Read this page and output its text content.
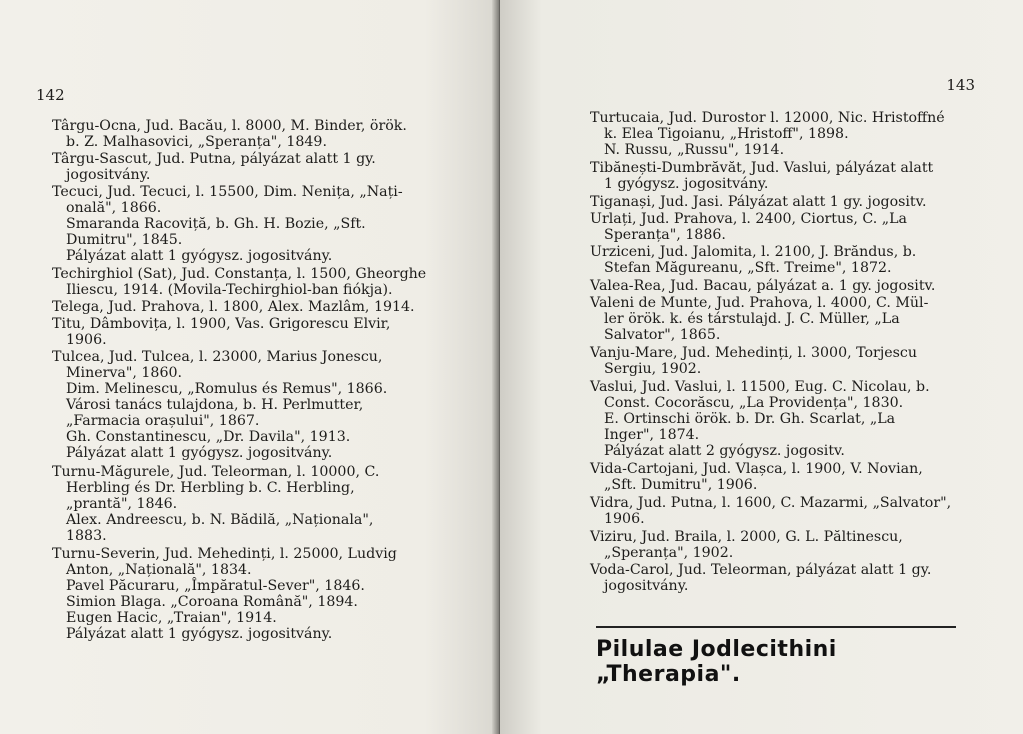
142
Târgu-Ocna, Jud. Bacău, l. 8000, M. Binder, örök.
b. Z. Malhasovici, „Speranța", 1849.
Târgu-Sascut, Jud. Putna, pályázat alatt 1 gy.
jogositvány.
Tecuci, Jud. Tecuci, l. 15500, Dim. Nenița, „Nați-
onală", 1866.
Smaranda Racoviță, b. Gh. H. Bozie, „Sft.
Dumitru", 1845.
Pályázat alatt 1 gyógysz. jogositvány.
Techirghiol (Sat), Jud. Constanța, l. 1500, Gheorghe
Iliescu, 1914. (Movila-Techirghiol-ban fiókja).
Telega, Jud. Prahova, l. 1800, Alex. Mazlâm, 1914.
Titu, Dâmbovița, l. 1900, Vas. Grigorescu Elvir,
1906.
Tulcea, Jud. Tulcea, l. 23000, Marius Jonescu,
Minerva", 1860.
Dim. Melinescu, „Romulus és Remus", 1866.
Városi tanács tulajdona, b. H. Perlmutter,
„Farmacia orașului", 1867.
Gh. Constantinescu, „Dr. Davila", 1913.
Pályázat alatt 1 gyógysz. jogositvány.
Turnu-Măgurele, Jud. Teleorman, l. 10000, C.
Herbling és Dr. Herbling b. C. Herbling,
„prantă", 1846.
Alex. Andreescu, b. N. Bădilă, „Naționala",
1883.
Turnu-Severin, Jud. Mehedinți, l. 25000, Ludvig
Anton, „Națională", 1834.
Pavel Păcuraru, „Împăratul-Sever", 1846.
Simion Blaga. „Coroana Română", 1894.
Eugen Hacic, „Traian", 1914.
Pályázat alatt 1 gyógysz. jogositvány.
143
Turtucaia, Jud. Durostor l. 12000, Nic. Hristoffné
k. Elea Tigoianu, „Hristoff", 1898.
N. Russu, „Russu", 1914.
Tibănești-Dumbrăvăt, Jud. Vaslui, pályázat alatt
1 gyógysz. jogositvány.
Tiganași, Jud. Jasi. Pályázat alatt 1 gy. jogositv.
Urlați, Jud. Prahova, l. 2400, Ciortus, C. „La
Speranța", 1886.
Urziceni, Jud. Jalomita, l. 2100, J. Brăndus, b.
Stefan Măgureanu, „Sft. Treime", 1872.
Valea-Rea, Jud. Bacau, pályázat a. 1 gy. jogositv.
Valeni de Munte, Jud. Prahova, l. 4000, C. Mül-
ler örök. k. és társtulajd. J. C. Müller, „La
Salvator", 1865.
Vanju-Mare, Jud. Mehedinți, l. 3000, Torjescu
Sergiu, 1902.
Vaslui, Jud. Vaslui, l. 11500, Eug. C. Nicolau, b.
Const. Cocorăscu, „La Providența", 1830.
E. Ortinschi örök. b. Dr. Gh. Scarlat, „La
Inger", 1874.
Pályázat alatt 2 gyógysz. jogositv.
Vida-Cartojani, Jud. Vlașca, l. 1900, V. Novian,
„Sft. Dumitru", 1906.
Vidra, Jud. Putna, l. 1600, C. Mazarmi, „Salvator",
1906.
Viziru, Jud. Braila, l. 2000, G. L. Păltinescu,
„Speranța", 1902.
Voda-Carol, Jud. Teleorman, pályázat alatt 1 gy.
jogositvány.
Pilulae Jodlecithini „Therapia".
